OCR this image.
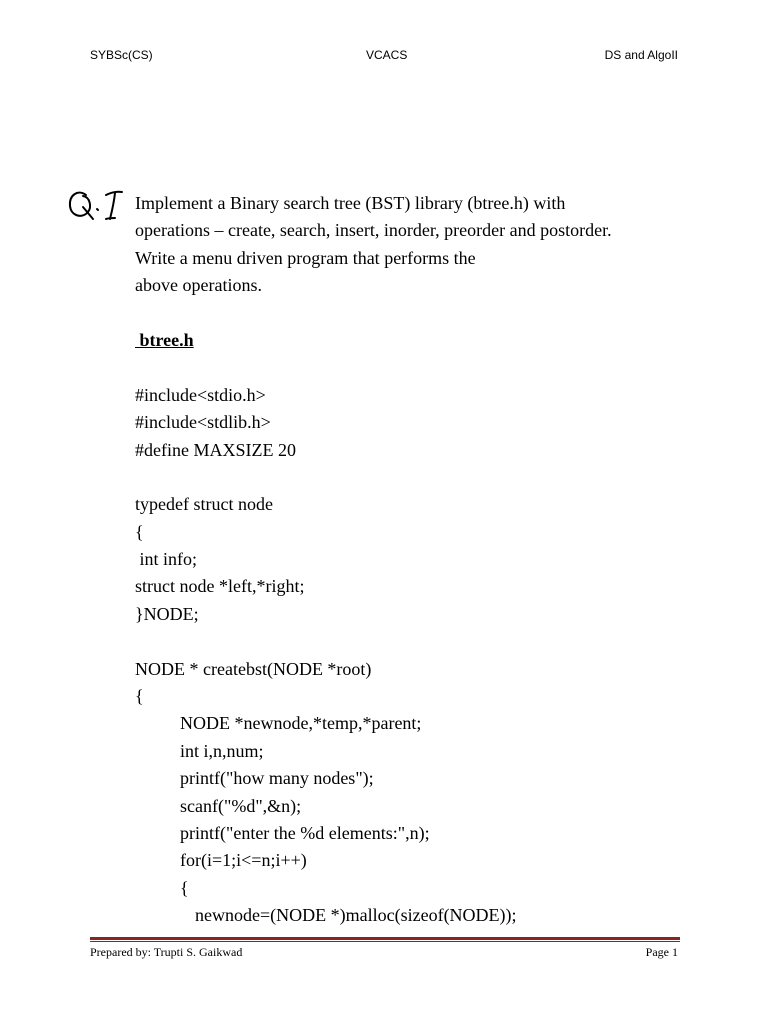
SYBSc(CS)	VCACS	DS and AlgoII
Implement a Binary search tree (BST) library (btree.h) with
operations – create, search, insert, inorder, preorder and postorder.
Write a menu driven program that performs the
above operations.
btree.h
#include<stdio.h>
#include<stdlib.h>
#define MAXSIZE 20
typedef struct node
{
int info;
struct node *left,*right;
}NODE;
NODE * createbst(NODE *root)
{
NODE *newnode,*temp,*parent;
int i,n,num;
printf("how many nodes");
scanf("%d",&n);
printf("enter the %d elements:",n);
for(i=1;i<=n;i++)
{
newnode=(NODE *)malloc(sizeof(NODE));
Prepared by: Trupti S. Gaikwad	Page 1
